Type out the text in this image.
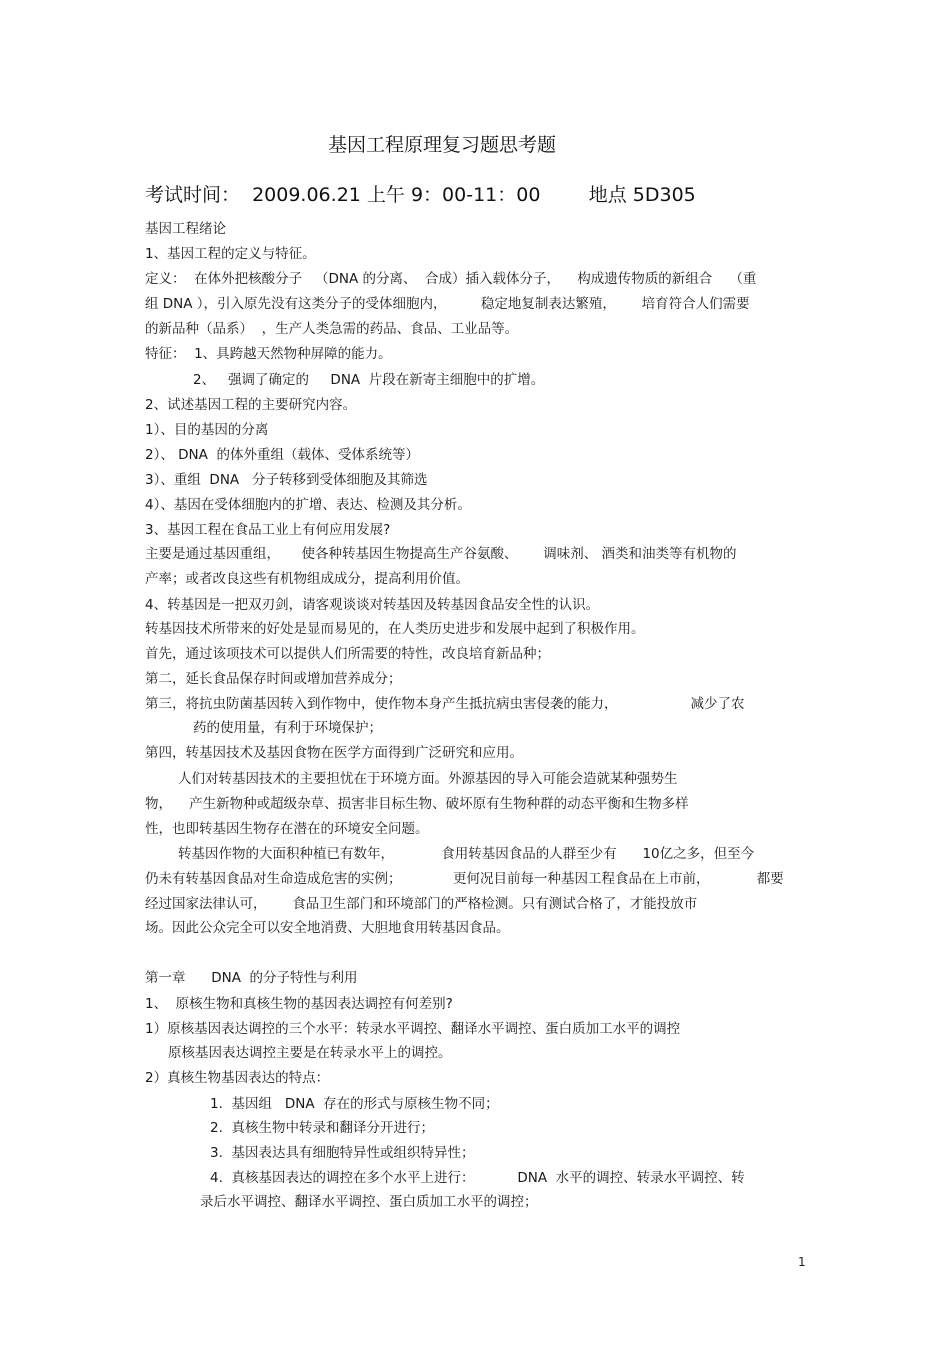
基因工程原理复习题思考题
考试时间：  2009.06.21 上午 9：00-11：00        地点 5D305
基因工程绪论
1、基因工程的定义与特征。
定义：  在体外把核酸分子   （DNA 的分离、  合成）插入载体分子，    构成遗传物质的新组合    （重
组 DNA ），引入原先没有这类分子的受体细胞内，        稳定地复制表达繁殖，      培育符合人们需要
的新品种（品系）  ，生产人类急需的药品、食品、工业品等。
特征：  1、具跨越天然物种屏障的能力。
2、   强调了确定的     DNA  片段在新寄主细胞中的扩增。
2、试述基因工程的主要研究内容。
1）、目的基因的分离
2）、 DNA  的体外重组（载体、受体系统等）
3）、重组  DNA   分子转移到受体细胞及其筛选
4）、基因在受体细胞内的扩增、表达、检测及其分析。
3、基因工程在食品工业上有何应用发展?
主要是通过基因重组，     使各种转基因生物提高生产谷氨酸、      调味剂、 酒类和油类等有机物的
产率；或者改良这些有机物组成成分，提高利用价值。
4、转基因是一把双刃剑，请客观谈谈对转基因及转基因食品安全性的认识。
转基因技术所带来的好处是显而易见的，在人类历史进步和发展中起到了积极作用。
首先，通过该项技术可以提供人们所需要的特性，改良培育新品种；
第二，延长食品保存时间或增加营养成分；
第三，将抗虫防菌基因转入到作物中，使作物本身产生抵抗病虫害侵袭的能力，                 减少了农
药的使用量，有利于环境保护；
第四，转基因技术及基因食物在医学方面得到广泛研究和应用。
人们对转基因技术的主要担忧在于环境方面。外源基因的导入可能会造就某种强势生
物，    产生新物种或超级杂草、损害非目标生物、破坏原有生物种群的动态平衡和生物多样
性，也即转基因生物存在潜在的环境安全问题。
转基因作物的大面积种植已有数年，           食用转基因食品的人群至少有      10亿之多，但至今
仍未有转基因食品对生命造成危害的实例；            更何况目前每一种基因工程食品在上市前，           都要
经过国家法律认可，      食品卫生部门和环境部门的严格检测。只有测试合格了，才能投放市
场。因此公众完全可以安全地消费、大胆地食用转基因食品。
第一章      DNA  的分子特性与利用
1、  原核生物和真核生物的基因表达调控有何差别?
1）原核基因表达调控的三个水平：转录水平调控、翻译水平调控、蛋白质加工水平的调控
原核基因表达调控主要是在转录水平上的调控。
2）真核生物基因表达的特点：
1.  基因组   DNA  存在的形式与原核生物不同；
2.  真核生物中转录和翻译分开进行；
3.  基因表达具有细胞特异性或组织特异性；
4.  真核基因表达的调控在多个水平上进行：          DNA  水平的调控、转录水平调控、转
录后水平调控、翻译水平调控、蛋白质加工水平的调控；
1
